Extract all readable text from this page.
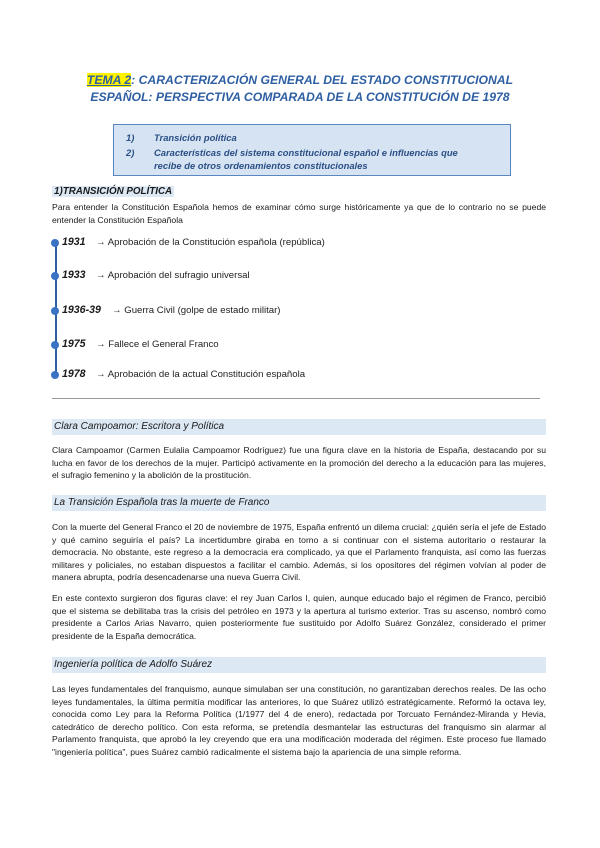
TEMA 2: CARACTERIZACIÓN GENERAL DEL ESTADO CONSTITUCIONAL
ESPAÑOL: PERSPECTIVA COMPARADA DE LA CONSTITUCIÓN DE 1978
1) Transición política
2) Características del sistema constitucional español e influencias que recibe de otros ordenamientos constitucionales
1)TRANSICIÓN POLÍTICA
Para entender la Constitución Española hemos de examinar cómo surge históricamente ya que de lo contrario no se puede entender la Constitución Española
1931 → Aprobación de la Constitución española (república)
1933 → Aprobación del sufragio universal
1936-39 → Guerra Civil (golpe de estado militar)
1975 → Fallece el General Franco
1978 → Aprobación de la actual Constitución española
Clara Campoamor: Escritora y Política
Clara Campoamor (Carmen Eulalia Campoamor Rodríguez) fue una figura clave en la historia de España, destacando por su lucha en favor de los derechos de la mujer. Participó activamente en la promoción del derecho a la educación para las mujeres, el sufragio femenino y la abolición de la prostitución.
La Transición Española tras la muerte de Franco
Con la muerte del General Franco el 20 de noviembre de 1975, España enfrentó un dilema crucial: ¿quién sería el jefe de Estado y qué camino seguiría el país? La incertidumbre giraba en torno a si continuar con el sistema autoritario o restaurar la democracia. No obstante, este regreso a la democracia era complicado, ya que el Parlamento franquista, así como las fuerzas militares y policiales, no estaban dispuestos a facilitar el cambio. Además, si los opositores del régimen volvían al poder de manera abrupta, podría desencadenarse una nueva Guerra Civil.
En este contexto surgieron dos figuras clave: el rey Juan Carlos I, quien, aunque educado bajo el régimen de Franco, percibió que el sistema se debilitaba tras la crisis del petróleo en 1973 y la apertura al turismo exterior. Tras su ascenso, nombró como presidente a Carlos Arias Navarro, quien posteriormente fue sustituido por Adolfo Suárez González, considerado el primer presidente de la España democrática.
Ingeniería política de Adolfo Suárez
Las leyes fundamentales del franquismo, aunque simulaban ser una constitución, no garantizaban derechos reales. De las ocho leyes fundamentales, la última permitía modificar las anteriores, lo que Suárez utilizó estratégicamente. Reformó la octava ley, conocida como Ley para la Reforma Política (1/1977 del 4 de enero), redactada por Torcuato Fernández-Miranda y Hevia, catedrático de derecho político. Con esta reforma, se pretendía desmantelar las estructuras del franquismo sin alarmar al Parlamento franquista, que aprobó la ley creyendo que era una modificación moderada del régimen. Este proceso fue llamado "ingeniería política", pues Suárez cambió radicalmente el sistema bajo la apariencia de una simple reforma.
